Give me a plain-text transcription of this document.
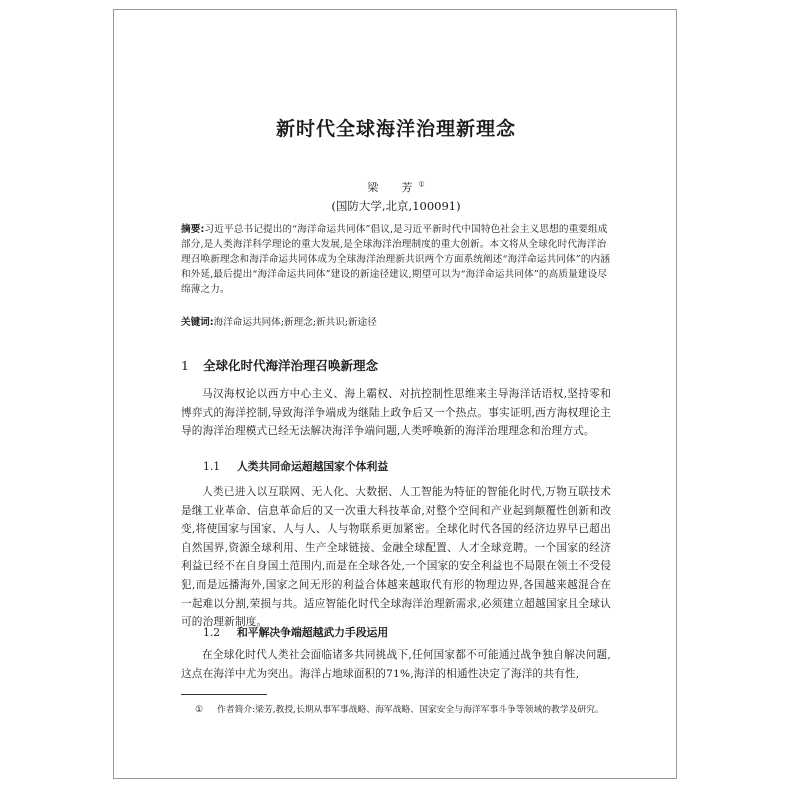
新时代全球海洋治理新理念

梁　芳①

(国防大学,北京,100091)

摘要:习近平总书记提出的“海洋命运共同体”倡议,是习近平新时代中国特色社会主义思想的重要组成部分,是人类海洋科学理论的重大发展,是全球海洋治理制度的重大创新。本文将从全球化时代海洋治理召唤新理念和海洋命运共同体成为全球海洋治理新共识两个方面系统阐述“海洋命运共同体”的内涵和外延,最后提出“海洋命运共同体”建设的新途径建议,期望可以为“海洋命运共同体”的高质量建设尽绵薄之力。

关键词:海洋命运共同体;新理念;新共识;新途径

1 全球化时代海洋治理召唤新理念

马汉海权论以西方中心主义、海上霸权、对抗控制性思维来主导海洋话语权,坚持零和博弈式的海洋控制,导致海洋争端成为继陆上政争后又一个热点。事实证明,西方海权理论主导的海洋治理模式已经无法解决海洋争端问题,人类呼唤新的海洋治理理念和治理方式。

1.1 人类共同命运超越国家个体利益

人类已进入以互联网、无人化、大数据、人工智能为特征的智能化时代,万物互联技术是继工业革命、信息革命后的又一次重大科技革命,对整个空间和产业起到颠覆性创新和改变,将使国家与国家、人与人、人与物联系更加紧密。全球化时代各国的经济边界早已超出自然国界,资源全球利用、生产全球链接、金融全球配置、人才全球竞聘。一个国家的经济利益已经不在自身国土范围内,而是在全球各处,一个国家的安全利益也不局限在领土不受侵犯,而是远播海外,国家之间无形的利益合体越来越取代有形的物理边界,各国越来越混合在一起难以分割,荣损与共。适应智能化时代全球海洋治理新需求,必须建立超越国家且全球认可的治理新制度。

1.2 和平解决争端超越武力手段运用

在全球化时代人类社会面临诸多共同挑战下,任何国家都不可能通过战争独自解决问题,这点在海洋中尤为突出。海洋占地球面积的71%,海洋的相通性决定了海洋的共有性,

① 作者简介:梁芳,教授,长期从事军事战略、海军战略、国家安全与海洋军事斗争等领域的教学及研究。
